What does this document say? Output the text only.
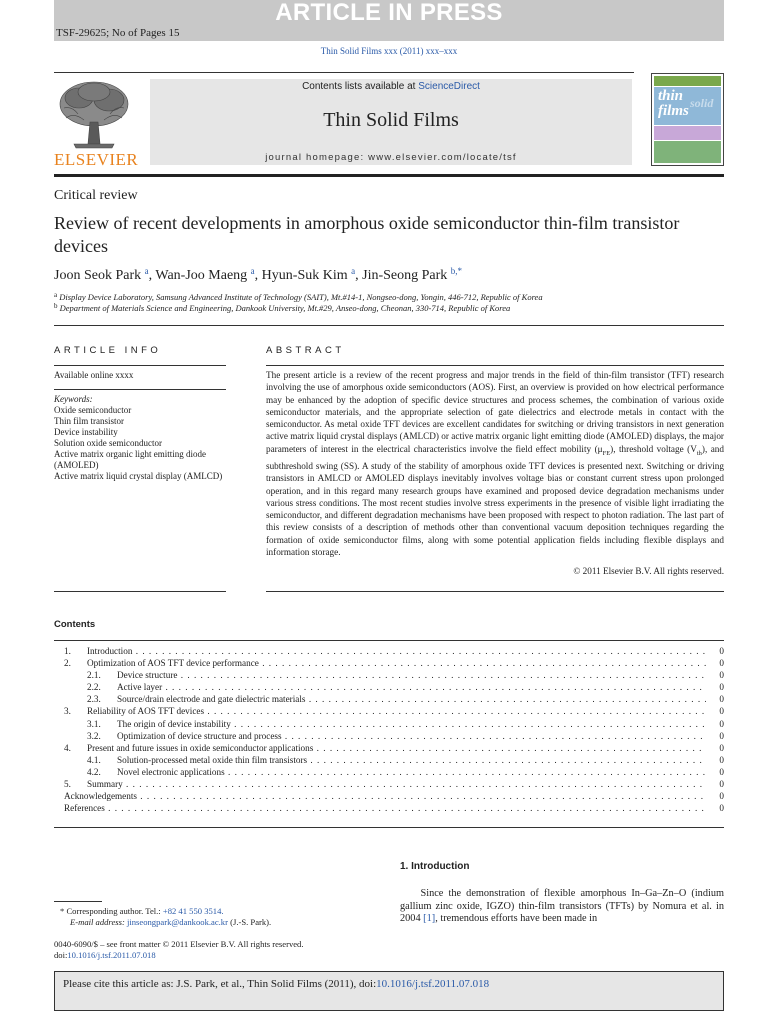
ARTICLE IN PRESS
TSF-29625; No of Pages 15
Thin Solid Films xxx (2011) xxx–xxx
ELSEVIER
Contents lists available at ScienceDirect
Thin Solid Films
journal homepage: www.elsevier.com/locate/tsf
thin solid
films
Critical review
Review of recent developments in amorphous oxide semiconductor thin-film transistor devices
Joon Seok Park $^a$, Wan-Joo Maeng $^a$, Hyun-Suk Kim $^a$, Jin-Seong Park $^{b,*}$
$^a$ Display Device Laboratory, Samsung Advanced Institute of Technology (SAIT), Mt.#14-1, Nongseo-dong, Yongin, 446-712, Republic of Korea
$^b$ Department of Materials Science and Engineering, Dankook University, Mt.#29, Anseo-dong, Cheonan, 330-714, Republic of Korea
ARTICLE INFO
Available online xxxx
Keywords:
Oxide semiconductor
Thin film transistor
Device instability
Solution oxide semiconductor
Active matrix organic light emitting diode (AMOLED)
Active matrix liquid crystal display (AMLCD)
ABSTRACT
The present article is a review of the recent progress and major trends in the field of thin-film transistor (TFT) research involving the use of amorphous oxide semiconductors (AOS). First, an overview is provided on how electrical performance may be enhanced by the adoption of specific device structures and process schemes, the combination of various oxide semiconductor materials, and the appropriate selection of gate dielectrics and electrode metals in contact with the semiconductor. As metal oxide TFT devices are excellent candidates for switching or driving transistors in next generation active matrix liquid crystal displays (AMLCD) or active matrix organic light emitting diode (AMOLED) displays, the major parameters of interest in the electrical characteristics involve the field effect mobility $(\mu_{FE})$, threshold voltage $(V_{th})$, and subthreshold swing (SS). A study of the stability of amorphous oxide TFT devices is presented next. Switching or driving transistors in AMLCD or AMOLED displays inevitably involves voltage bias or constant current stress upon prolonged operation, and in this regard many research groups have examined and proposed device degradation mechanisms under various stress conditions. The most recent studies involve stress experiments in the presence of visible light irradiating the semiconductor, and different degradation mechanisms have been proposed with respect to photon radiation. The last part of this review consists of a description of methods other than conventional vacuum deposition techniques regarding the formation of oxide semiconductor films, along with some potential application fields including flexible displays and information storage.
© 2011 Elsevier B.V. All rights reserved.
Contents
1. Introduction . . .	0
2. Optimization of AOS TFT device performance . . .	0
2.1. Device structure . . .	0
2.2. Active layer . . .	0
2.3. Source/drain electrode and gate dielectric materials . . .	0
3. Reliability of AOS TFT devices . . .	0
3.1. The origin of device instability . . .	0
3.2. Optimization of device structure and process . . .	0
4. Present and future issues in oxide semiconductor applications . . .	0
4.1. Solution-processed metal oxide thin film transistors . . .	0
4.2. Novel electronic applications . . .	0
5. Summary . . .	0
Acknowledgements . . .	0
References . . .	0
1. Introduction
Since the demonstration of flexible amorphous In–Ga–Zn–O (indium gallium zinc oxide, IGZO) thin-film transistors (TFTs) by Nomura et al. in 2004 [1], tremendous efforts have been made in
* Corresponding author. Tel.: +82 41 550 3514.
E-mail address: jinseongpark@dankook.ac.kr (J.-S. Park).
0040-6090/$ – see front matter © 2011 Elsevier B.V. All rights reserved.
doi:10.1016/j.tsf.2011.07.018
Please cite this article as: J.S. Park, et al., Thin Solid Films (2011), doi:10.1016/j.tsf.2011.07.018
